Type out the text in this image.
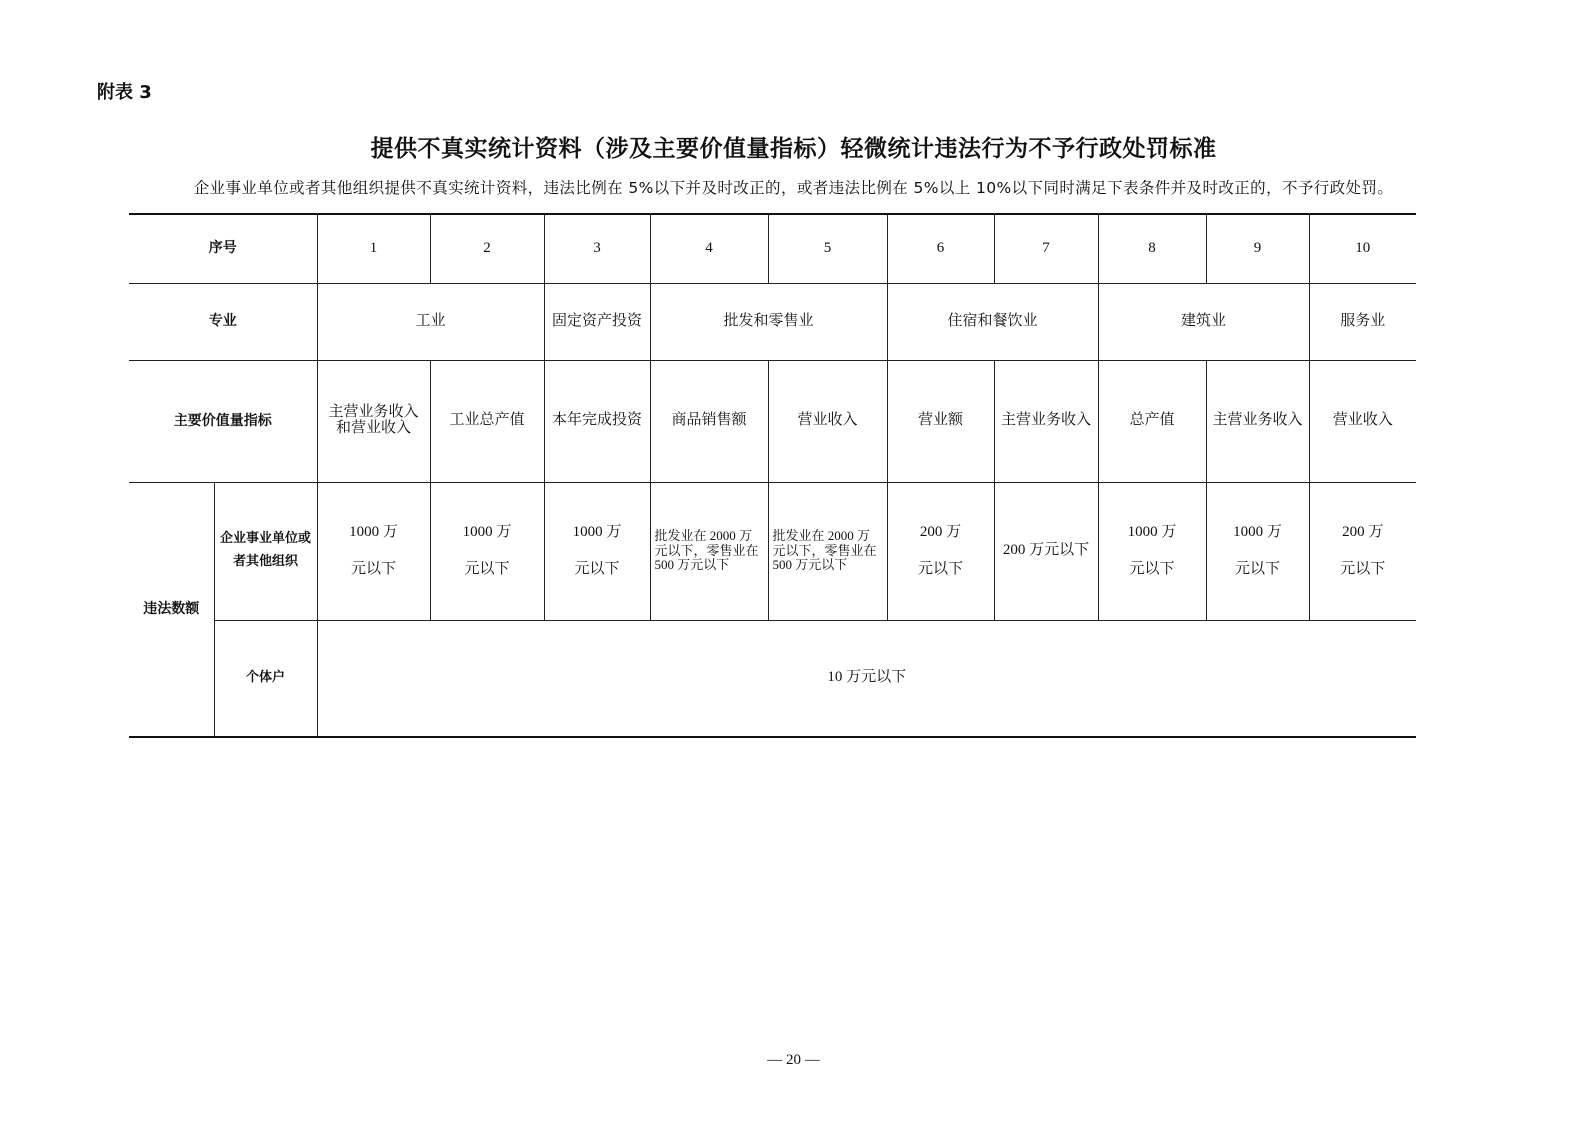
附表 3
提供不真实统计资料（涉及主要价值量指标）轻微统计违法行为不予行政处罚标准
企业事业单位或者其他组织提供不真实统计资料，违法比例在 5%以下并及时改正的，或者违法比例在 5%以上 10%以下同时满足下表条件并及时改正的，不予行政处罚。
序号		1	2	3	4	5	6	7	8	9	10
专业		工业		固定资产投资	批发和零售业		住宿和餐饮业		建筑业		服务业
主要价值量指标		主营业务收入和营业收入	工业总产值	本年完成投资	商品销售额	营业收入	营业额	主营业务收入	总产值	主营业务收入	营业收入
违法数额	企业事业单位或者其他组织	1000 万
元以下	1000 万
元以下	1000 万
元以下	批发业在 2000 万元以下，零售业在 500 万元以下	批发业在 2000 万元以下，零售业在 500 万元以下	200 万
元以下	200 万元以下	1000 万
元以下	1000 万
元以下	200 万
元以下

	个体户	10 万元以下									
— 20 —
